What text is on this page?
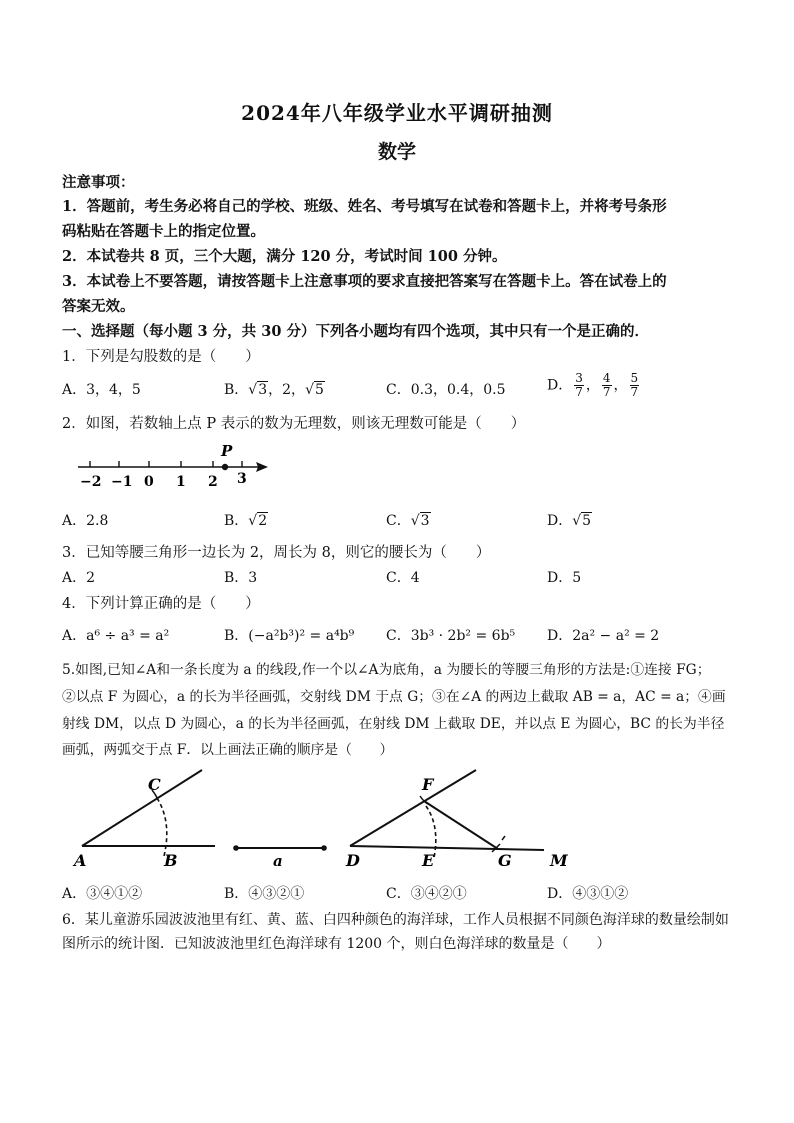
2024年八年级学业水平调研抽测
数学
注意事项：
1．答题前，考生务必将自己的学校、班级、姓名、考号填写在试卷和答题卡上，并将考号条形
码粘贴在答题卡上的指定位置。
2．本试卷共 8 页，三个大题，满分 120 分，考试时间 100 分钟。
3．本试卷上不要答题，请按答题卡上注意事项的要求直接把答案写在答题卡上。答在试卷上的
答案无效。
一、选择题（每小题 3 分，共 30 分）下列各小题均有四个选项，其中只有一个是正确的．
1．下列是勾股数的是（　　）
A．3，4，5	B．√3，2，√5	C．0.3，0.4，0.5	D． $\frac{3}{7}$ ， $\frac{4}{7}$ ， $\frac{5}{7}$
2．如图，若数轴上点 P 表示的数为无理数，则该无理数可能是（　　）
P
−2 −1 0 1 2 3
A．2.8	B．√2	C．√3	D．√5
3．已知等腰三角形一边长为 2，周长为 8，则它的腰长为（　　）
A．2	B．3	C．4	D．5
4．下列计算正确的是（　　）
A．a⁶ ÷ a³ = a²	B．(−a²b³)² = a⁴b⁹ C．3b³ · 2b² = 6b⁵ D．2a² − a² = 2
5.如图,已知∠A和一条长度为 a 的线段,作一个以∠A为底角，a 为腰长的等腰三角形的方法是:①连接 FG；
②以点 F 为圆心，a 的长为半径画弧，交射线 DM 于点 G；③在∠A 的两边上截取 AB = a，AC = a；④画
射线 DM，以点 D 为圆心，a 的长为半径画弧，在射线 DM 上截取 DE，并以点 E 为圆心，BC 的长为半径
画弧，两弧交于点 F．以上画法正确的顺序是（　　）
A	B
C
a	D	E
F
G M
A．③④①②	B．④③②①	C．③④②①	D．④③①②
6．某儿童游乐园波波池里有红、黄、蓝、白四种颜色的海洋球，工作人员根据不同颜色海洋球的数量绘制如
图所示的统计图．已知波波池里红色海洋球有 1200 个，则白色海洋球的数量是（　　）
